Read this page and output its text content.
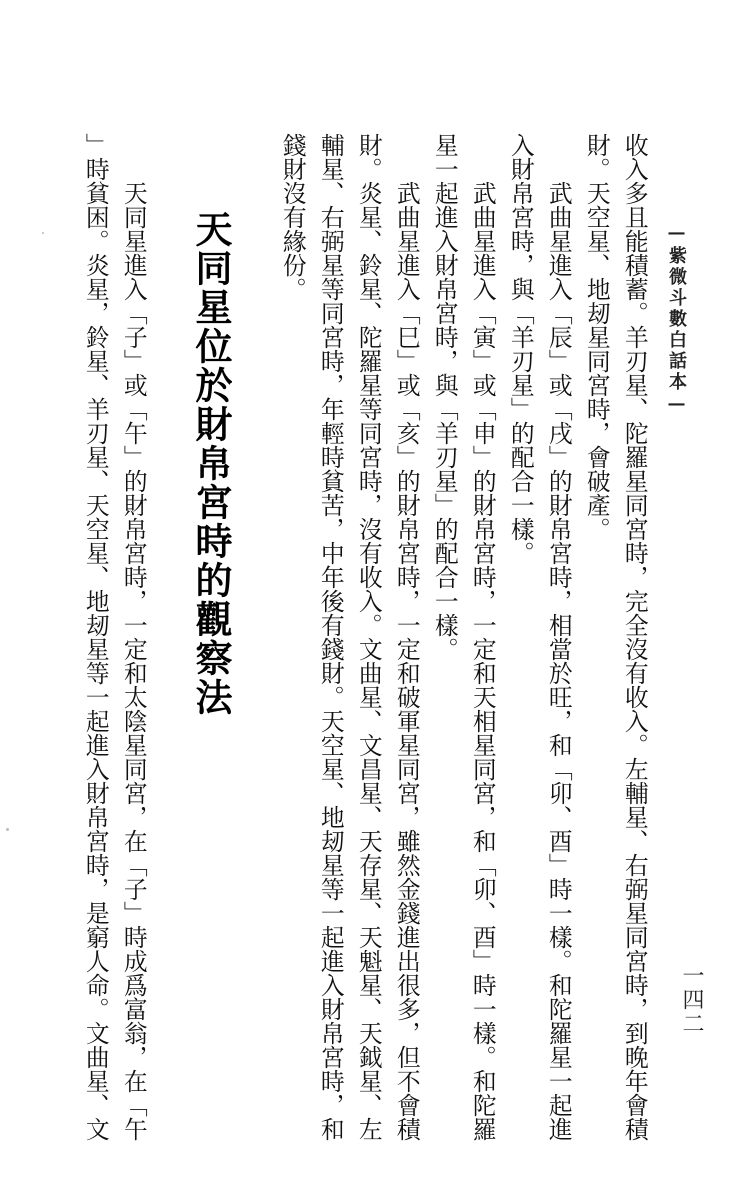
—紫微斗數白話本—
一四二
收入多且能積蓄。羊刃星、陀羅星同宮時，完全沒有收入。左輔星、右弼星同宮時，到晚年會積
財。天空星、地刼星同宮時，會破產。
武曲星進入「辰」或「戌」的財帛宮時，相當於旺，和「卯、酉」時一樣。和陀羅星一起進
入財帛宮時，與「羊刃星」的配合一樣。
武曲星進入「寅」或「申」的財帛宮時，一定和天相星同宮，和「卯、酉」時一樣。和陀羅
星一起進入財帛宮時，與「羊刃星」的配合一樣。
武曲星進入「巳」或「亥」的財帛宮時，一定和破軍星同宮，雖然金錢進出很多，但不會積
財。炎星、鈴星、陀羅星等同宮時，沒有收入。文曲星、文昌星、天存星、天魁星、天鉞星、左
輔星、右弼星等同宮時，年輕時貧苦，中年後有錢財。天空星、地刼星等一起進入財帛宮時，和
錢財沒有緣份。
天同星位於財帛宮時的觀察法
天同星進入「子」或「午」的財帛宮時，一定和太陰星同宮，在「子」時成爲富翁，在「午
」時貧困。炎星，鈴星、羊刃星、天空星、地刼星等一起進入財帛宮時，是窮人命。文曲星、文
